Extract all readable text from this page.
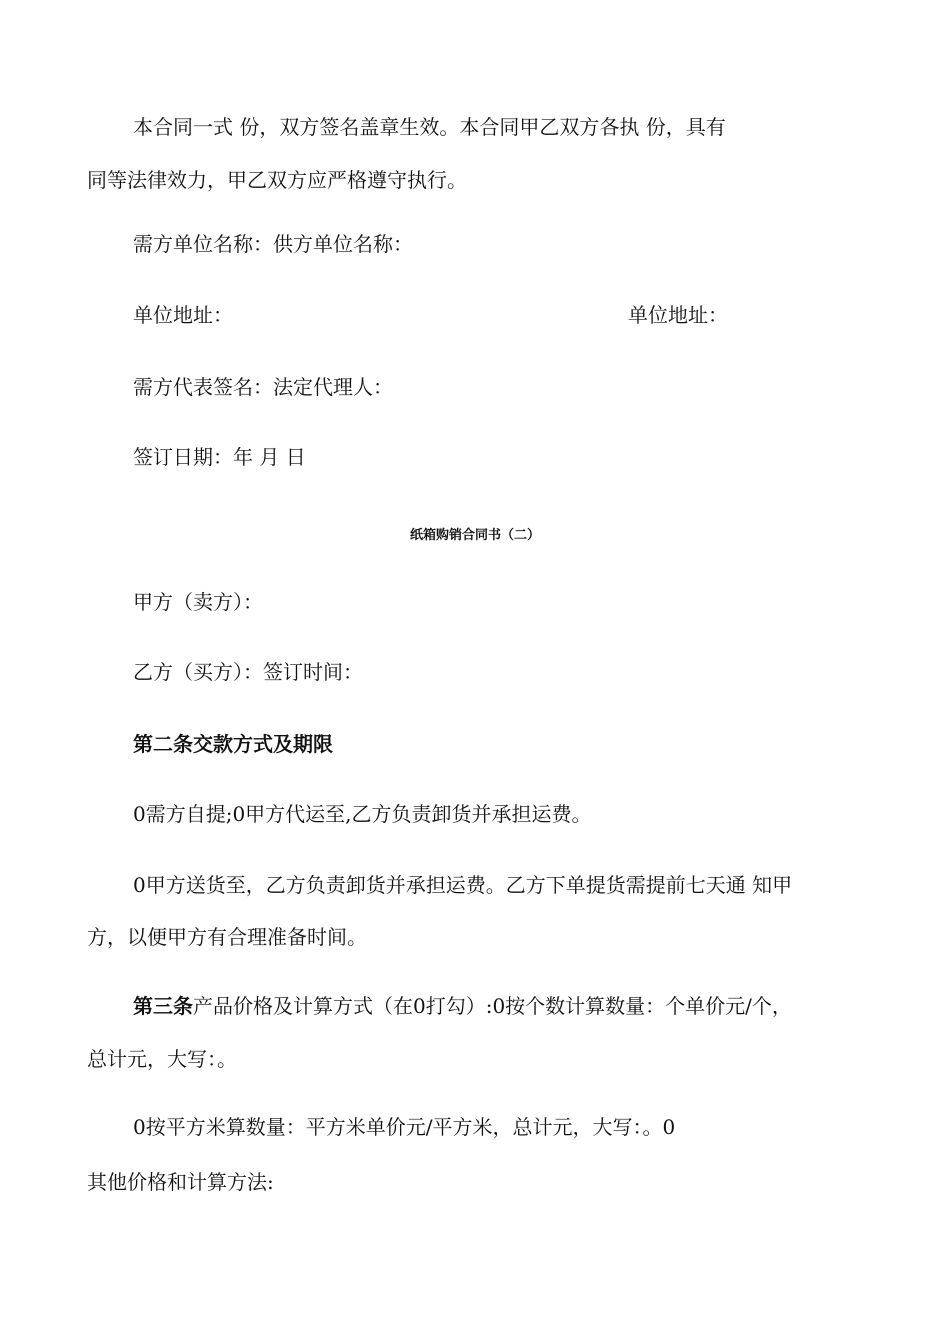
本合同一式 份，双方签名盖章生效。本合同甲乙双方各执 份，具有

同等法律效力，甲乙双方应严格遵守执行。

需方单位名称：供方单位名称：

单位地址：	单位地址：

需方代表签名：法定代理人：

签订日期：年 月 日

纸箱购销合同书（二）

甲方（卖方）：

乙方（买方）：签订时间：

第二条交款方式及期限

0需方自提;0甲方代运至,乙方负责卸货并承担运费。

0甲方送货至，乙方负责卸货并承担运费。乙方下单提货需提前七天通 知甲

方，以便甲方有合理准备时间。

第三条产品价格及计算方式（在0打勾）:0按个数计算数量：个单价元/个，

总计元，大写：。

0按平方米算数量：平方米单价元/平方米，总计元，大写：。0

其他价格和计算方法:
